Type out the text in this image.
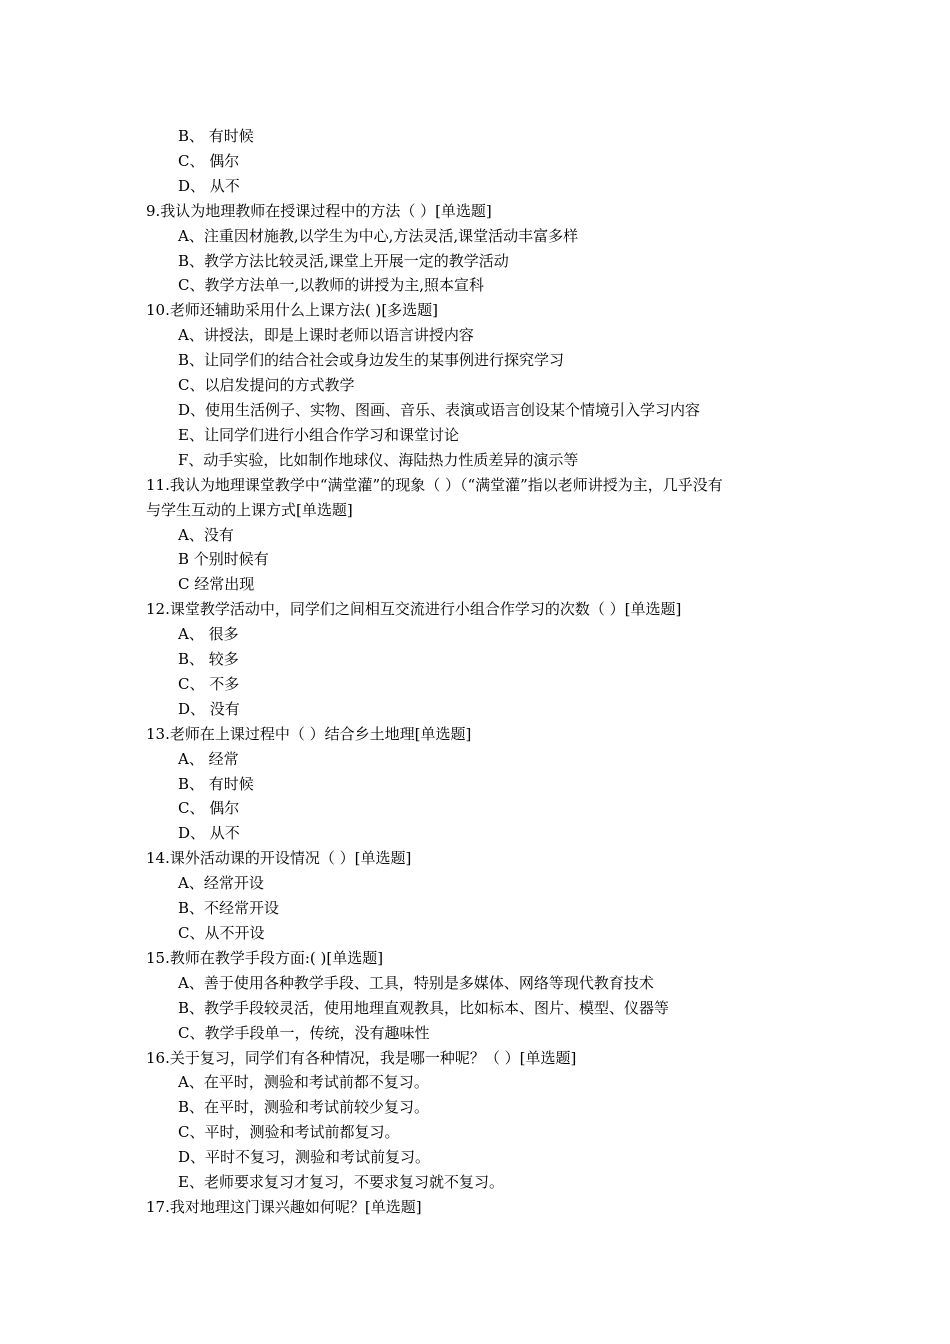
B、 有时候
C、 偶尔
D、 从不
9.我认为地理教师在授课过程中的方法（ ）[单选题]
A、注重因材施教,以学生为中心,方法灵活,课堂活动丰富多样
B、教学方法比较灵活,课堂上开展一定的教学活动
C、教学方法单一,以教师的讲授为主,照本宣科
10.老师还辅助采用什么上课方法( )[多选题]
A、讲授法，即是上课时老师以语言讲授内容
B、让同学们的结合社会或身边发生的某事例进行探究学习
C、以启发提问的方式教学
D、使用生活例子、实物、图画、音乐、表演或语言创设某个情境引入学习内容
E、让同学们进行小组合作学习和课堂讨论
F、动手实验，比如制作地球仪、海陆热力性质差异的演示等
11.我认为地理课堂教学中“满堂灌”的现象（ ）（“满堂灌”指以老师讲授为主，几乎没有
与学生互动的上课方式[单选题]
A、没有
B 个别时候有
C 经常出现
12.课堂教学活动中，同学们之间相互交流进行小组合作学习的次数（ ）[单选题]
A、 很多
B、 较多
C、 不多
D、 没有
13.老师在上课过程中（ ）结合乡土地理[单选题]
A、 经常
B、 有时候
C、 偶尔
D、 从不
14.课外活动课的开设情况（ ）[单选题]
A、经常开设
B、不经常开设
C、从不开设
15.教师在教学手段方面:( )[单选题]
A、善于使用各种教学手段、工具，特别是多媒体、网络等现代教育技术
B、教学手段较灵活，使用地理直观教具，比如标本、图片、模型、仪器等
C、教学手段单一，传统，没有趣味性
16.关于复习，同学们有各种情况，我是哪一种呢？（ ）[单选题]
A、在平时，测验和考试前都不复习。
B、在平时，测验和考试前较少复习。
C、平时，测验和考试前都复习。
D、平时不复习，测验和考试前复习。
E、老师要求复习才复习，不要求复习就不复习。
17.我对地理这门课兴趣如何呢？[单选题]
